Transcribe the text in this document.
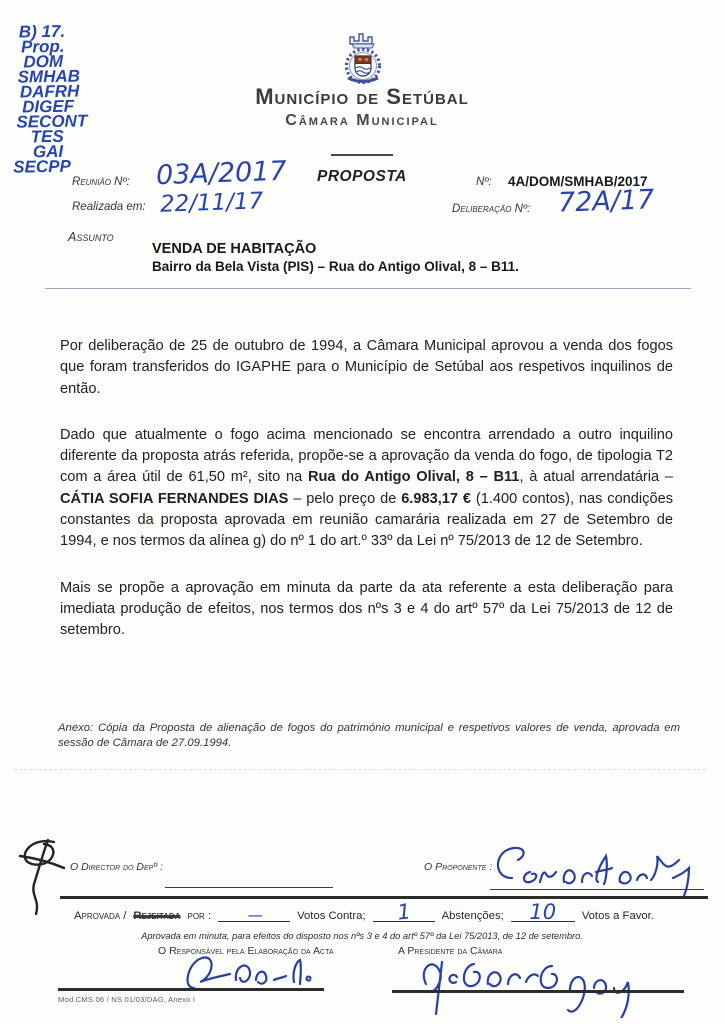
B) 17.
Prop.
DOM
SMHAB
DAFRH
DIGEF
SECONT
TES
GAI
SECPP
Município de Setúbal
Câmara Municipal
Reunião Nº: 03A/2017
Realizada em: 22/11/17
PROPOSTA	Nº: 4A/DOM/SMHAB/2017
Deliberação Nº: 72A/17
Assunto
VENDA DE HABITAÇÃO
Bairro da Bela Vista (PIS) – Rua do Antigo Olival, 8 – B11.

Por deliberação de 25 de outubro de 1994, a Câmara Municipal aprovou a venda dos fogos que foram transferidos do IGAPHE para o Município de Setúbal aos respetivos inquilinos de então.

Dado que atualmente o fogo acima mencionado se encontra arrendado a outro inquilino diferente da proposta atrás referida, propõe-se a aprovação da venda do fogo, de tipologia T2 com a área útil de 61,50 m², sito na Rua do Antigo Olival, 8 – B11, à atual arrendatária – CÁTIA SOFIA FERNANDES DIAS – pelo preço de 6.983,17 € (1.400 contos), nas condições constantes da proposta aprovada em reunião camarária realizada em 27 de Setembro de 1994, e nos termos da alínea g) do nº 1 do art.º 33º da Lei nº 75/2013 de 12 de Setembro.

Mais se propõe a aprovação em minuta da parte da ata referente a esta deliberação para imediata produção de efeitos, nos termos dos nºs 3 e 4 do artº 57º da Lei 75/2013 de 12 de setembro.

Anexo: Cópia da Proposta de alienação de fogos do património municipal e respetivos valores de venda, aprovada em sessão de Câmara de 27.09.1994.
O Director do Depº :	O Proponente :
Aprovada / Rejeitada por : —	Votos Contra; 1	Abstenções; 10 Votos a Favor.
Aprovada em minuta, para efeitos do disposto nos nºs 3 e 4 do artº 57º da Lei 75/2013, de 12 de setembro.
O Responsável pela Elaboração da Acta	A Presidente da Câmara
Mod.CMS.06 / NS 01/03/DAG, Anexo I
